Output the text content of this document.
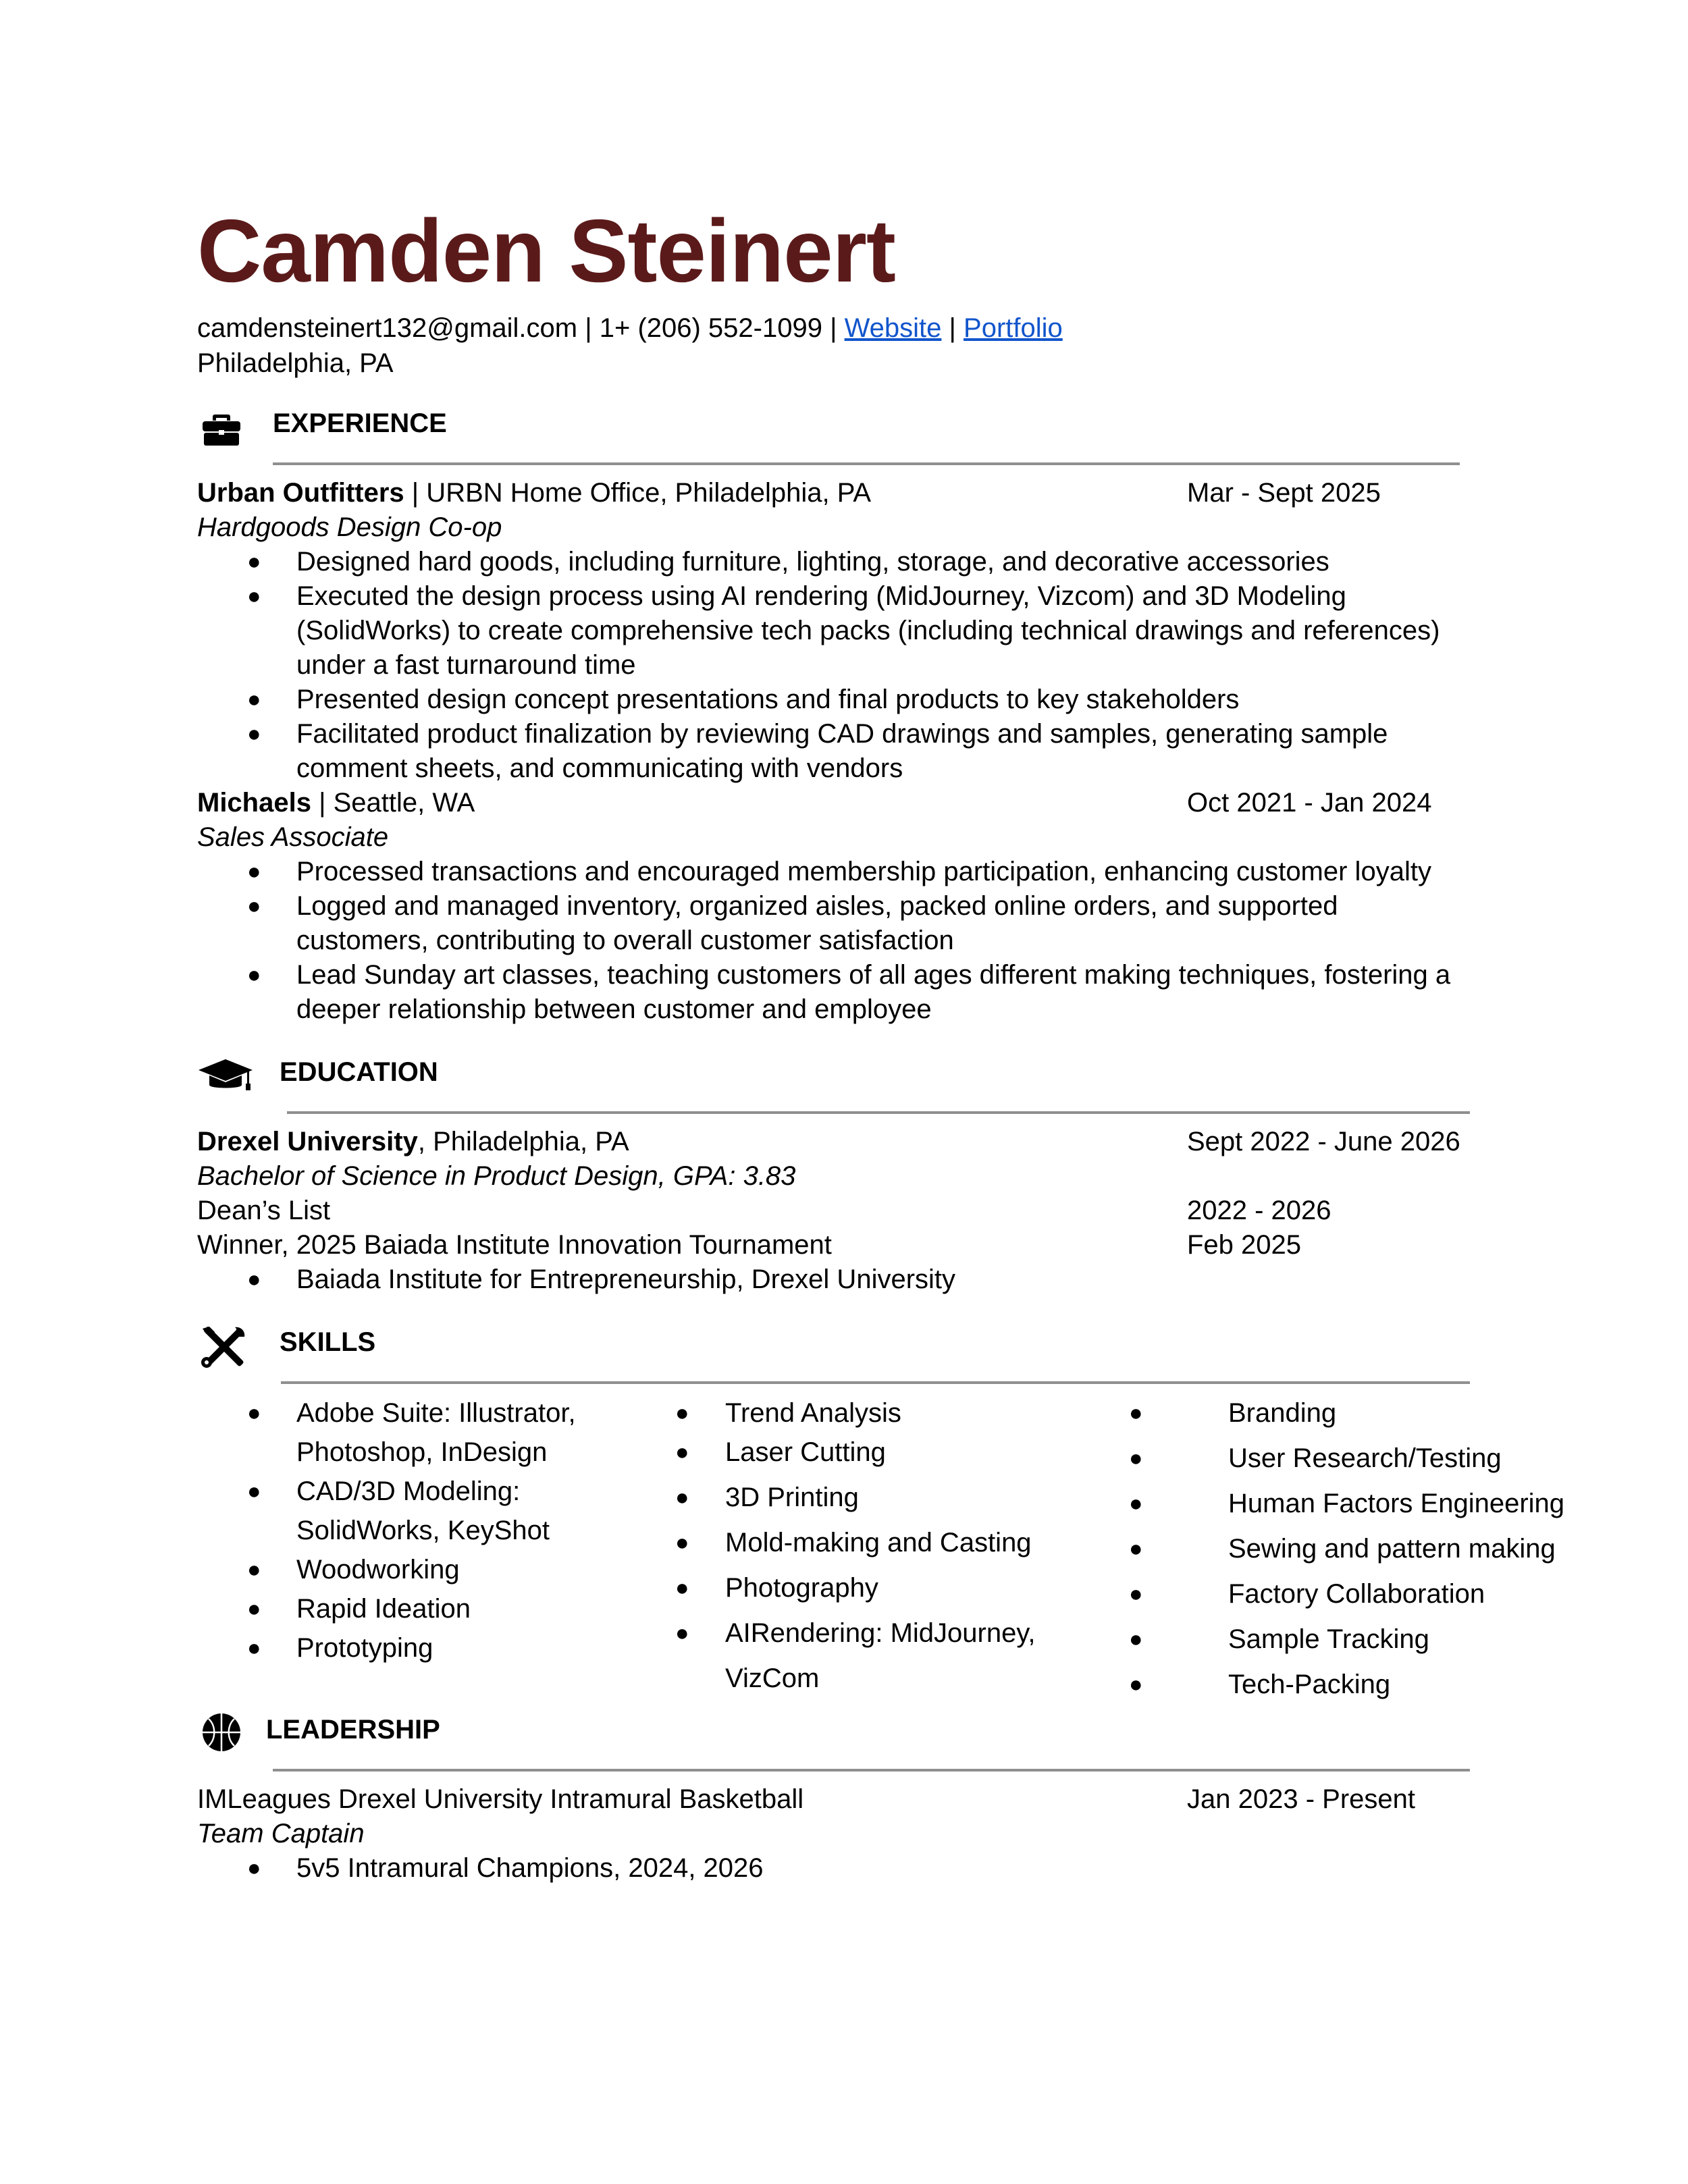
Camden Steinert
camdensteinert132@gmail.com | 1+ (206) 552-1099 | Website | Portfolio
Philadelphia, PA
EXPERIENCE
Urban Outfitters | URBN Home Office, Philadelphia, PA	Mar - Sept 2025
Hardgoods Design Co-op
● Designed hard goods, including furniture, lighting, storage, and decorative accessories
● Executed the design process using AI rendering (MidJourney, Vizcom) and 3D Modeling
(SolidWorks) to create comprehensive tech packs (including technical drawings and references)
under a fast turnaround time
● Presented design concept presentations and final products to key stakeholders
● Facilitated product finalization by reviewing CAD drawings and samples, generating sample
comment sheets, and communicating with vendors
Michaels | Seattle, WA	Oct 2021 - Jan 2024
Sales Associate
● Processed transactions and encouraged membership participation, enhancing customer loyalty
● Logged and managed inventory, organized aisles, packed online orders, and supported
customers, contributing to overall customer satisfaction
● Lead Sunday art classes, teaching customers of all ages different making techniques, fostering a
deeper relationship between customer and employee
EDUCATION
Drexel University, Philadelphia, PA	Sept 2022 - June 2026
Bachelor of Science in Product Design, GPA: 3.83
Dean’s List	2022 - 2026
Winner, 2025 Baiada Institute Innovation Tournament	Feb 2025
● Baiada Institute for Entrepreneurship, Drexel University
SKILLS
● Adobe Suite: Illustrator,
Photoshop, InDesign
● CAD/3D Modeling:
SolidWorks, KeyShot
● Woodworking
● Rapid Ideation
● Prototyping
● Trend Analysis
● Laser Cutting
● 3D Printing
● Mold-making and Casting
● Photography
● AIRendering: MidJourney,
VizCom
●	Branding
●	User Research/Testing
●	Human Factors Engineering
●	Sewing and pattern making
●	Factory Collaboration
●	Sample Tracking
●	Tech-Packing
LEADERSHIP
IMLeagues Drexel University Intramural Basketball	Jan 2023 - Present
Team Captain
● 5v5 Intramural Champions, 2024, 2026
